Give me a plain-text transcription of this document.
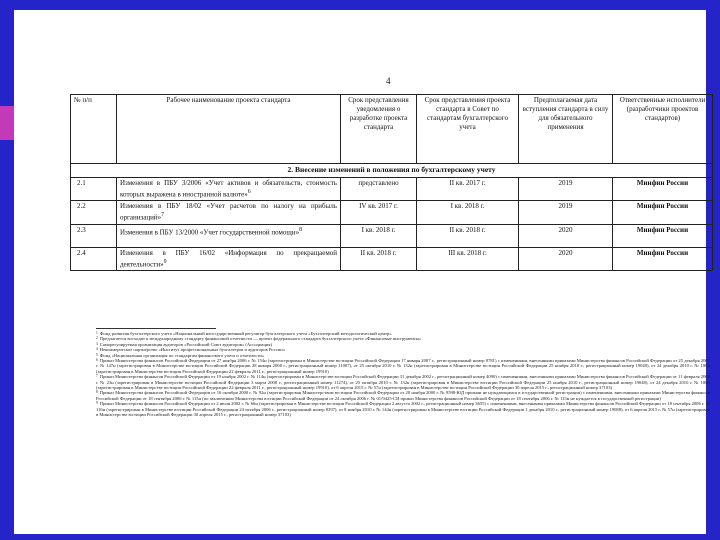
4
№ п/п	Рабочее наименование проекта стандарта	Срок представления уведомления о разработке проекта стандарта	Срок представления проекта стандарта в Совет по стандартам бухгалтерского учета	Предполагаемая дата вступления стандарта в силу для обязательного применения	Ответственные исполнители (разработчики проектов стандартов)
2. Внесение изменений в положения по бухгалтерскому учету					
2.1	Изменения в ПБУ 3/2006 «Учет активов и обязательств, стоимость которых выражена в иностранной валюте»$^6$	представлено	II кв. 2017 г.	2019	Минфин России
2.2	Изменения в ПБУ 18/02 «Учет расчетов по налогу на прибыль организаций»$^7$	IV кв. 2017 г.	I кв. 2018 г.	2019	Минфин России
2.3	Изменения в ПБУ 13/2000 «Учет государственной помощи»$^8$	I кв. 2018 г.	II кв. 2018 г.	2020	Минфин России
2.4	Изменения в ПБУ 16/02 «Информация по прекращаемой деятельности»$^9$	II кв. 2018 г.	III кв. 2018 г.	2020	Минфин России
$^1$ Фонд развития бухгалтерского учета «Национальный негосударственный регулятор бухгалтерского учета «Бухгалтерский методологический центр»
$^2$ Предлагается восходит к международному стандарту финансовой отчетности — проект федерального стандарта бухгалтерского учета «Финансовые инструменты»
$^3$ Саморегулируемая организация аудиторов «Российский Союз аудиторов» (Ассоциация)
$^4$ Некоммерческое партнерство «Институт профессиональных бухгалтеров и аудиторов России»
$^5$ Фонд «Национальная организация по стандартам финансового учета и отчетности»
$^6$ Приказ Министерства финансов Российской Федерации от 27 ноября 2006 г. № 154н (зарегистрирован в Министерстве юстиции Российской Федерации 17 января 2007 г., регистрационный номер 8781) с изменениями, внесенными приказами Министерства финансов Российской Федерации от 25 декабря 2007 г. № 147н (зарегистрирован в Министерстве юстиции Российской Федерации 28 января 2008 г., регистрационный номер 11007), от 25 октября 2010 г. № 132н (зарегистрирован в Министерстве юстиции Российской Федерации 25 ноября 2010 г., регистрационный номер 19048), от 24 декабря 2010 г. № 186н (зарегистрирован в Министерстве юстиции Российской Федерации 22 февраля 2011 г., регистрационный номер 19910)
$^7$ Приказ Министерства финансов Российской Федерации от 19 ноября 2002 г. № 114н (зарегистрирован в Министерстве юстиции Российской Федерации 31 декабря 2002 г., регистрационный номер 4090) с изменениями, внесенными приказами Министерства финансов Российской Федерации от 11 февраля 2008 г. № 23н (зарегистрирован в Министерстве юстиции Российской Федерации 3 марта 2008 г., регистрационный номер 11274), от 25 октября 2010 г. № 132н (зарегистрирован в Министерстве юстиции Российской Федерации 25 ноября 2010 г., регистрационный номер 19048), от 24 декабря 2010 г. № 186н (зарегистрирован в Министерстве юстиции Российской Федерации 22 февраля 2011 г., регистрационный номер 19910), от 6 апреля 2015 г. № 57н (зарегистрирован в Министерстве юстиции Российской Федерации 30 апреля 2015 г., регистрационный номер 37103)
$^8$ Приказ Министерства финансов Российской Федерации от 16 октября 2000 г. № 92н (зарегистрирован Министерством юстиции Российской Федерации от 20 ноября 2000 г. № 9598-ЮД признан не нуждающимся в государственной регистрации) с изменениями, внесенными приказами Министерства финансов Российской Федерации от 18 сентября 2006 г. № 115н (по заключению Министерства юстиции Российской Федерации от 24 октября 2006 г. № 01/9425-СИ приказ Министерства финансов Российской Федерации от 18 сентября 2006 г. № 115н не нуждается в государственной регистрации)
$^9$ Приказ Министерства финансов Российской Федерации от 2 июля 2002 г. № 66н (зарегистрирован в Министерстве юстиции Российской Федерации 2 августа 2002 г., регистрационный номер 3655) с изменениями, внесенными приказами Министерства финансов Российской Федерации от 18 сентября 2006 г. № 116н (зарегистрирован в Министерстве юстиции Российской Федерации 24 октября 2006 г., регистрационный номер 8397), от 8 ноября 2010 г. № 144н (зарегистрирован в Министерстве юстиции Российской Федерации 1 декабря 2010 г., регистрационный номер 19088), от 6 апреля 2015 г. № 57н (зарегистрирован в Министерстве юстиции Российской Федерации 30 апреля 2015 г., регистрационный номер 37103)
17
